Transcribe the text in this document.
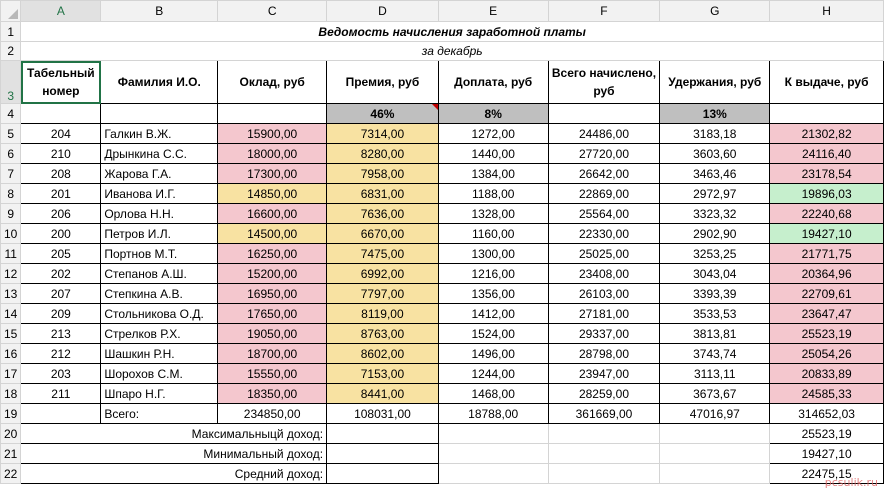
	A	B	C	D	E	F	G	H
1	Ведомость начисления заработной платы							
2	за декабрь							
3	Табельный номер	Фамилия И.О.	Оклад, руб	Премия, руб	Доплата, руб	Всего начислено, руб	Удержания, руб	К выдаче, руб
4				46%	8%		13%	
5	204	Галкин В.Ж.	15900,00	7314,00	1272,00	24486,00	3183,18	21302,82
6	210	Дрынкина С.С.	18000,00	8280,00	1440,00	27720,00	3603,60	24116,40
7	208	Жарова Г.А.	17300,00	7958,00	1384,00	26642,00	3463,46	23178,54
8	201	Иванова И.Г.	14850,00	6831,00	1188,00	22869,00	2972,97	19896,03
9	206	Орлова Н.Н.	16600,00	7636,00	1328,00	25564,00	3323,32	22240,68
10	200	Петров И.Л.	14500,00	6670,00	1160,00	22330,00	2902,90	19427,10
11	205	Портнов М.Т.	16250,00	7475,00	1300,00	25025,00	3253,25	21771,75
12	202	Степанов А.Ш.	15200,00	6992,00	1216,00	23408,00	3043,04	20364,96
13	207	Степкина А.В.	16950,00	7797,00	1356,00	26103,00	3393,39	22709,61
14	209	Стольникова О.Д.	17650,00	8119,00	1412,00	27181,00	3533,53	23647,47
15	213	Стрелков Р.Х.	19050,00	8763,00	1524,00	29337,00	3813,81	25523,19
16	212	Шашкин Р.Н.	18700,00	8602,00	1496,00	28798,00	3743,74	25054,26
17	203	Шорохов С.М.	15550,00	7153,00	1244,00	23947,00	3113,11	20833,89
18	211	Шпаро Н.Г.	18350,00	8441,00	1468,00	28259,00	3673,67	24585,33
19		Всего:	234850,00	108031,00	18788,00	361669,00	47016,97	314652,03
20	Максимальныцй доход:							25523,19
21	Минимальный доход:							19427,10
22	Средний доход:							22475,15
pcsulik.ru
